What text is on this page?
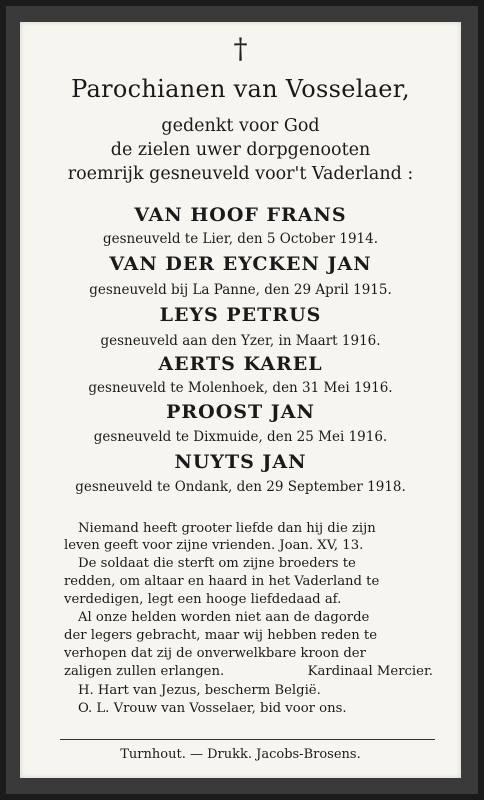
†
Parochianen van Vosselaer,
gedenkt voor God
de zielen uwer dorpgenooten
roemrijk gesneuveld voor't Vaderland :
VAN HOOF FRANS
gesneuveld te Lier, den 5 October 1914.
VAN DER EYCKEN JAN
gesneuveld bij La Panne, den 29 April 1915.
LEYS PETRUS
gesneuveld aan den Yzer, in Maart 1916.
AERTS KAREL
gesneuveld te Molenhoek, den 31 Mei 1916.
PROOST JAN
gesneuveld te Dixmuide, den 25 Mei 1916.
NUYTS JAN
gesneuveld te Ondank, den 29 September 1918.
Niemand heeft grooter liefde dan hij die zijn
leven geeft voor zijne vrienden. Joan. XV, 13.
De soldaat die sterft om zijne broeders te
redden, om altaar en haard in het Vaderland te
verdedigen, legt een hooge liefdedaad af.
Al onze helden worden niet aan de dagorde
der legers gebracht, maar wij hebben reden te
verhopen dat zij de onverwelkbare kroon der
zaligen zullen erlangen.	Kardinaal Mercier.
H. Hart van Jezus, bescherm België.
O. L. Vrouw van Vosselaer, bid voor ons.
Turnhout. — Drukk. Jacobs-Brosens.
